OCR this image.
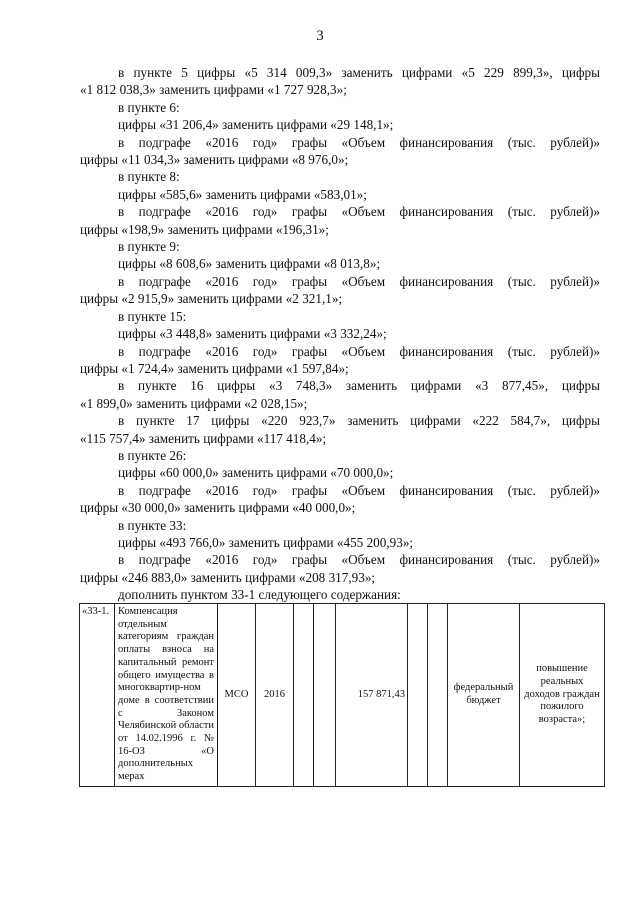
3
в пункте 5 цифры «5 314 009,3» заменить цифрами «5 229 899,3», цифры
«1 812 038,3» заменить цифрами «1 727 928,3»;
в пункте 6:
цифры «31 206,4» заменить цифрами «29 148,1»;
в подграфе «2016 год» графы «Объем финансирования (тыс. рублей)»
цифры «11 034,3» заменить цифрами «8 976,0»;
в пункте 8:
цифры «585,6» заменить цифрами «583,01»;
в подграфе «2016 год» графы «Объем финансирования (тыс. рублей)»
цифры «198,9» заменить цифрами «196,31»;
в пункте 9:
цифры «8 608,6» заменить цифрами «8 013,8»;
в подграфе «2016 год» графы «Объем финансирования (тыс. рублей)»
цифры «2 915,9» заменить цифрами «2 321,1»;
в пункте 15:
цифры «3 448,8» заменить цифрами «3 332,24»;
в подграфе «2016 год» графы «Объем финансирования (тыс. рублей)»
цифры «1 724,4» заменить цифрами «1 597,84»;
в пункте 16 цифры «3 748,3» заменить цифрами «3 877,45», цифры
«1 899,0» заменить цифрами «2 028,15»;
в пункте 17 цифры «220 923,7» заменить цифрами «222 584,7», цифры
«115 757,4» заменить цифрами «117 418,4»;
в пункте 26:
цифры «60 000,0» заменить цифрами «70 000,0»;
в подграфе «2016 год» графы «Объем финансирования (тыс. рублей)»
цифры «30 000,0» заменить цифрами «40 000,0»;
в пункте 33:
цифры «493 766,0» заменить цифрами «455 200,93»;
в подграфе «2016 год» графы «Объем финансирования (тыс. рублей)»
цифры «246 883,0» заменить цифрами «208 317,93»;
дополнить пунктом 33-1 следующего содержания:
«33-1.	Компенсация отдельным категориям граждан оплаты взноса на капитальный ремонт общего имущества в многоквартир-ном доме в соответствии с Законом Челябинской области от 14.02.1996 г. № 16-ОЗ «О дополнительных мерах	МСО	2016			157 871,43			федеральный бюджет	повышение реальных доходов граждан пожилого возраста»;
